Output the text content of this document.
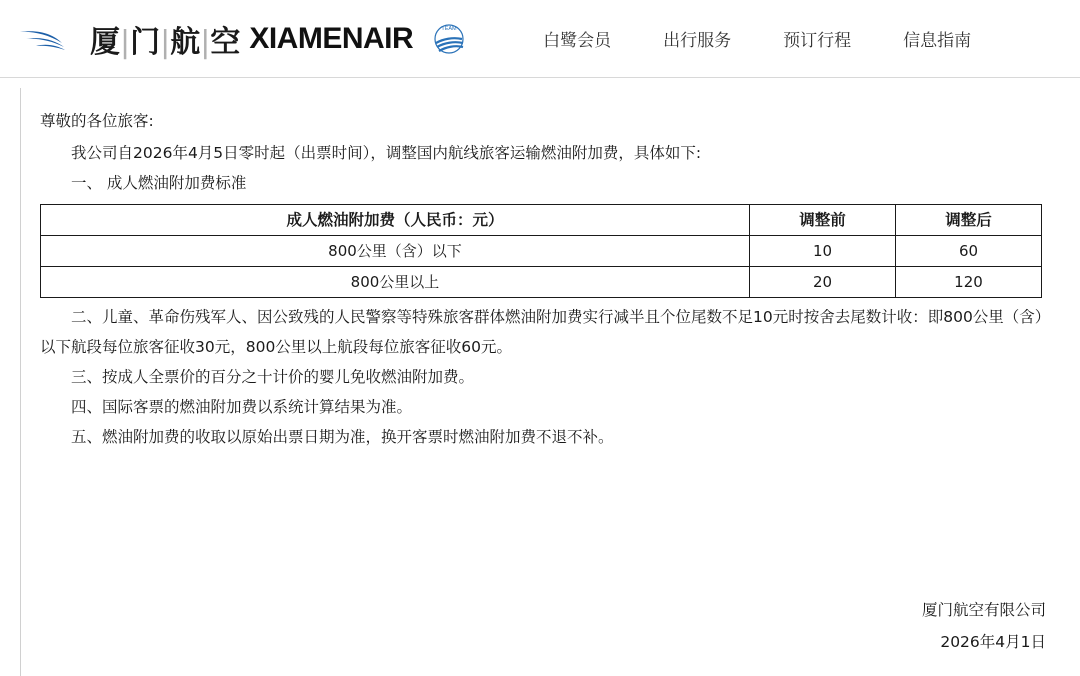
厦|门|航|空 XIAMENAIR	TEAM
白鹭会员	出行服务	预订行程	信息指南

尊敬的各位旅客:

我公司自2026年4月5日零时起（出票时间），调整国内航线旅客运输燃油附加费，具体如下:

一、 成人燃油附加费标准

成人燃油附加费（人民币：元）	调整前	调整后
800公里（含）以下	10	60
800公里以上	20	120

二、儿童、革命伤残军人、因公致残的人民警察等特殊旅客群体燃油附加费实行减半且个位尾数不足10元时按舍去尾数计收：即800公里（含）以下航段每位旅客征收30元，800公里以上航段每位旅客征收60元。

三、按成人全票价的百分之十计价的婴儿免收燃油附加费。

四、国际客票的燃油附加费以系统计算结果为准。

五、燃油附加费的收取以原始出票日期为准，换开客票时燃油附加费不退不补。

厦门航空有限公司
2026年4月1日
